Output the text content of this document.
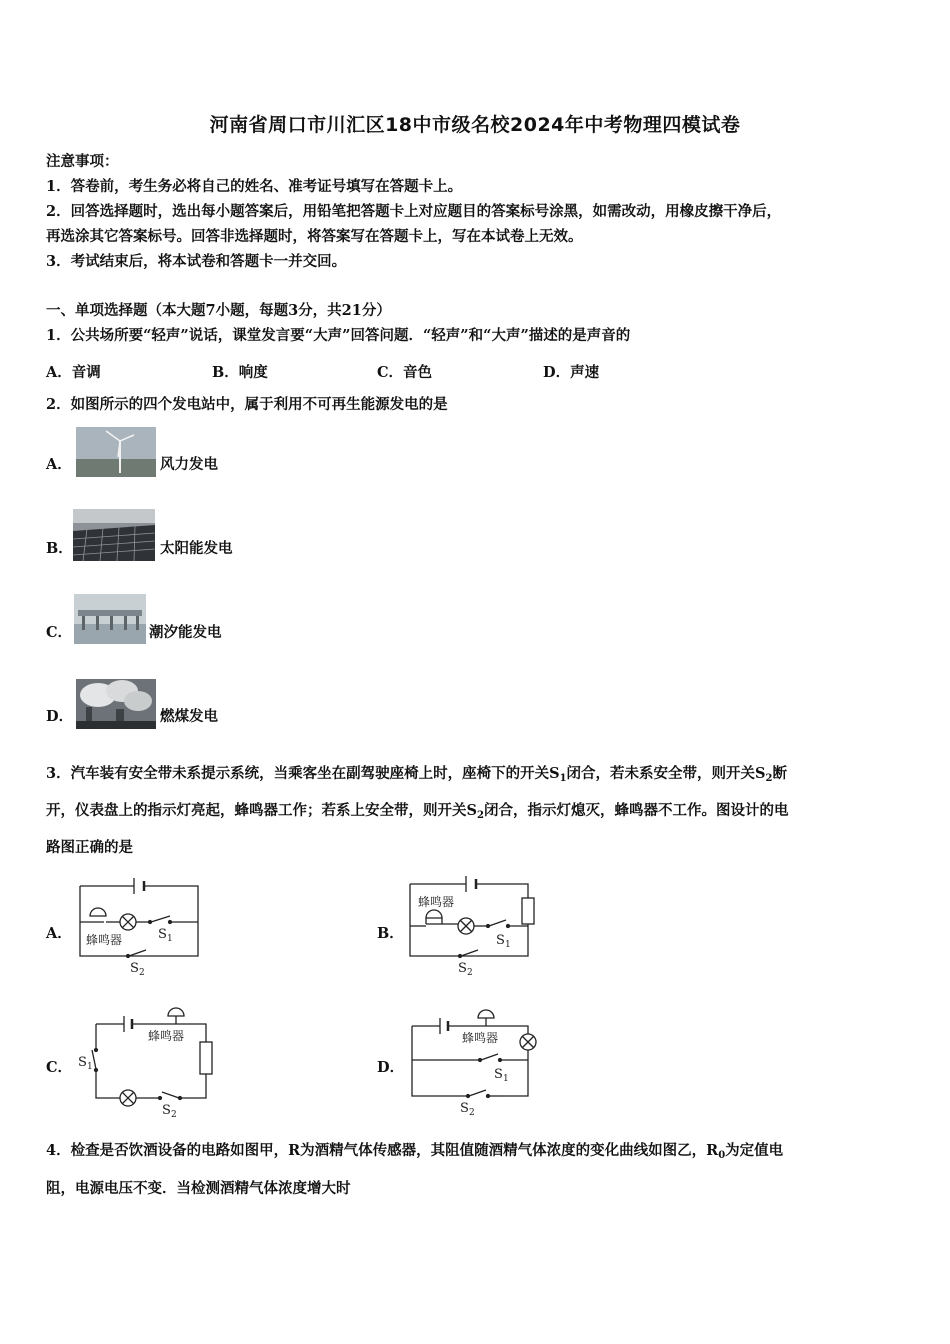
河南省周口市川汇区18中市级名校2024年中考物理四模试卷
注意事项：
1．答卷前，考生务必将自己的姓名、准考证号填写在答题卡上。
2．回答选择题时，选出每小题答案后，用铅笔把答题卡上对应题目的答案标号涂黑，如需改动，用橡皮擦干净后，
再选涂其它答案标号。回答非选择题时，将答案写在答题卡上，写在本试卷上无效。
3．考试结束后，将本试卷和答题卡一并交回。
一、单项选择题（本大题7小题，每题3分，共21分）
1．公共场所要“轻声”说话，课堂发言要“大声”回答问题．“轻声”和“大声”描述的是声音的
A．音调	B．响度	C．音色	D．声速
2．如图所示的四个发电站中，属于利用不可再生能源发电的是
A．	风力发电
B．	太阳能发电
C．	潮汐能发电
D．	燃煤发电
3．汽车装有安全带未系提示系统，当乘客坐在副驾驶座椅上时，座椅下的开关$S_1$闭合，若未系安全带，则开关$S_2$断
开，仪表盘上的指示灯亮起，蜂鸣器工作；若系上安全带，则开关$S_2$闭合，指示灯熄灭，蜂鸣器不工作。图设计的电
路图正确的是
A． 蜂鸣器	S 1
S 2
B．
蜂鸣器
S 1
S 2
C．
蜂鸣器
S 1
S 2
D．
蜂鸣器
S 1
S 2
4．检查是否饮酒设备的电路如图甲，R为酒精气体传感器，其阻值随酒精气体浓度的变化曲线如图乙，$R_0$为定值电
阻，电源电压不变．当检测酒精气体浓度增大时
